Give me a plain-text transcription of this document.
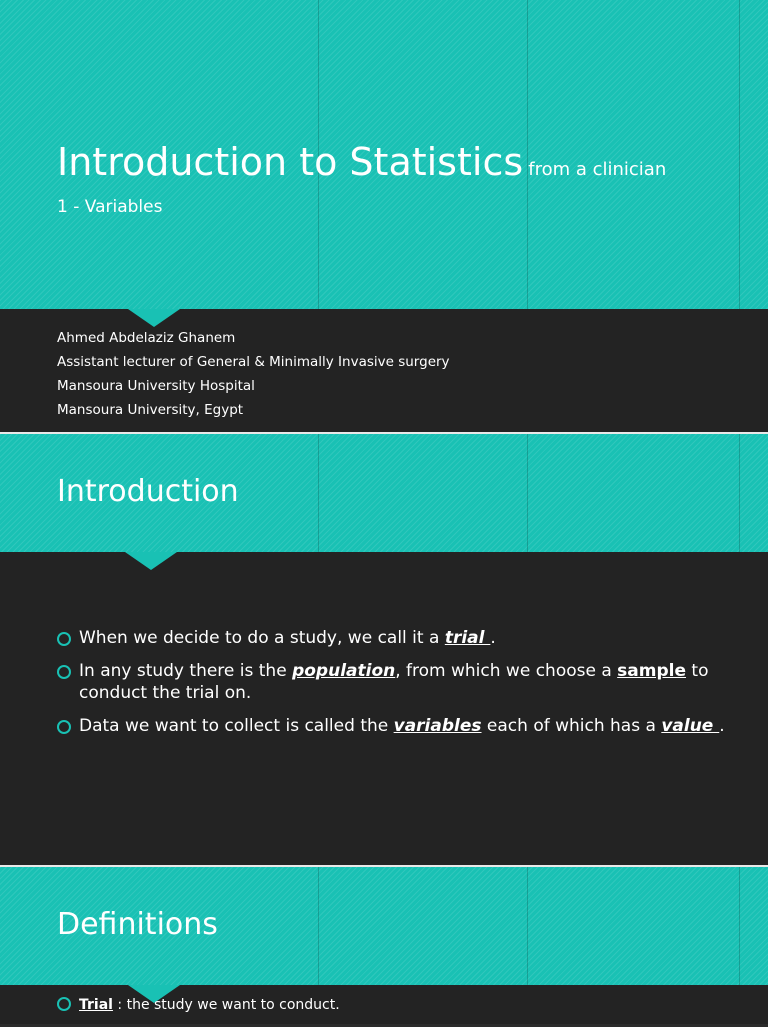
Introduction to Statistics from a clinician
1 - Variables
Ahmed Abdelaziz Ghanem
Assistant lecturer of General & Minimally Invasive surgery
Mansoura University Hospital
Mansoura University, Egypt
Introduction
When we decide to do a study, we call it a trial .
In any study there is the population, from which we choose a sample to conduct the trial on.
Data we want to collect is called the variables each of which has a value .
Definitions
Trial : the study we want to conduct.
